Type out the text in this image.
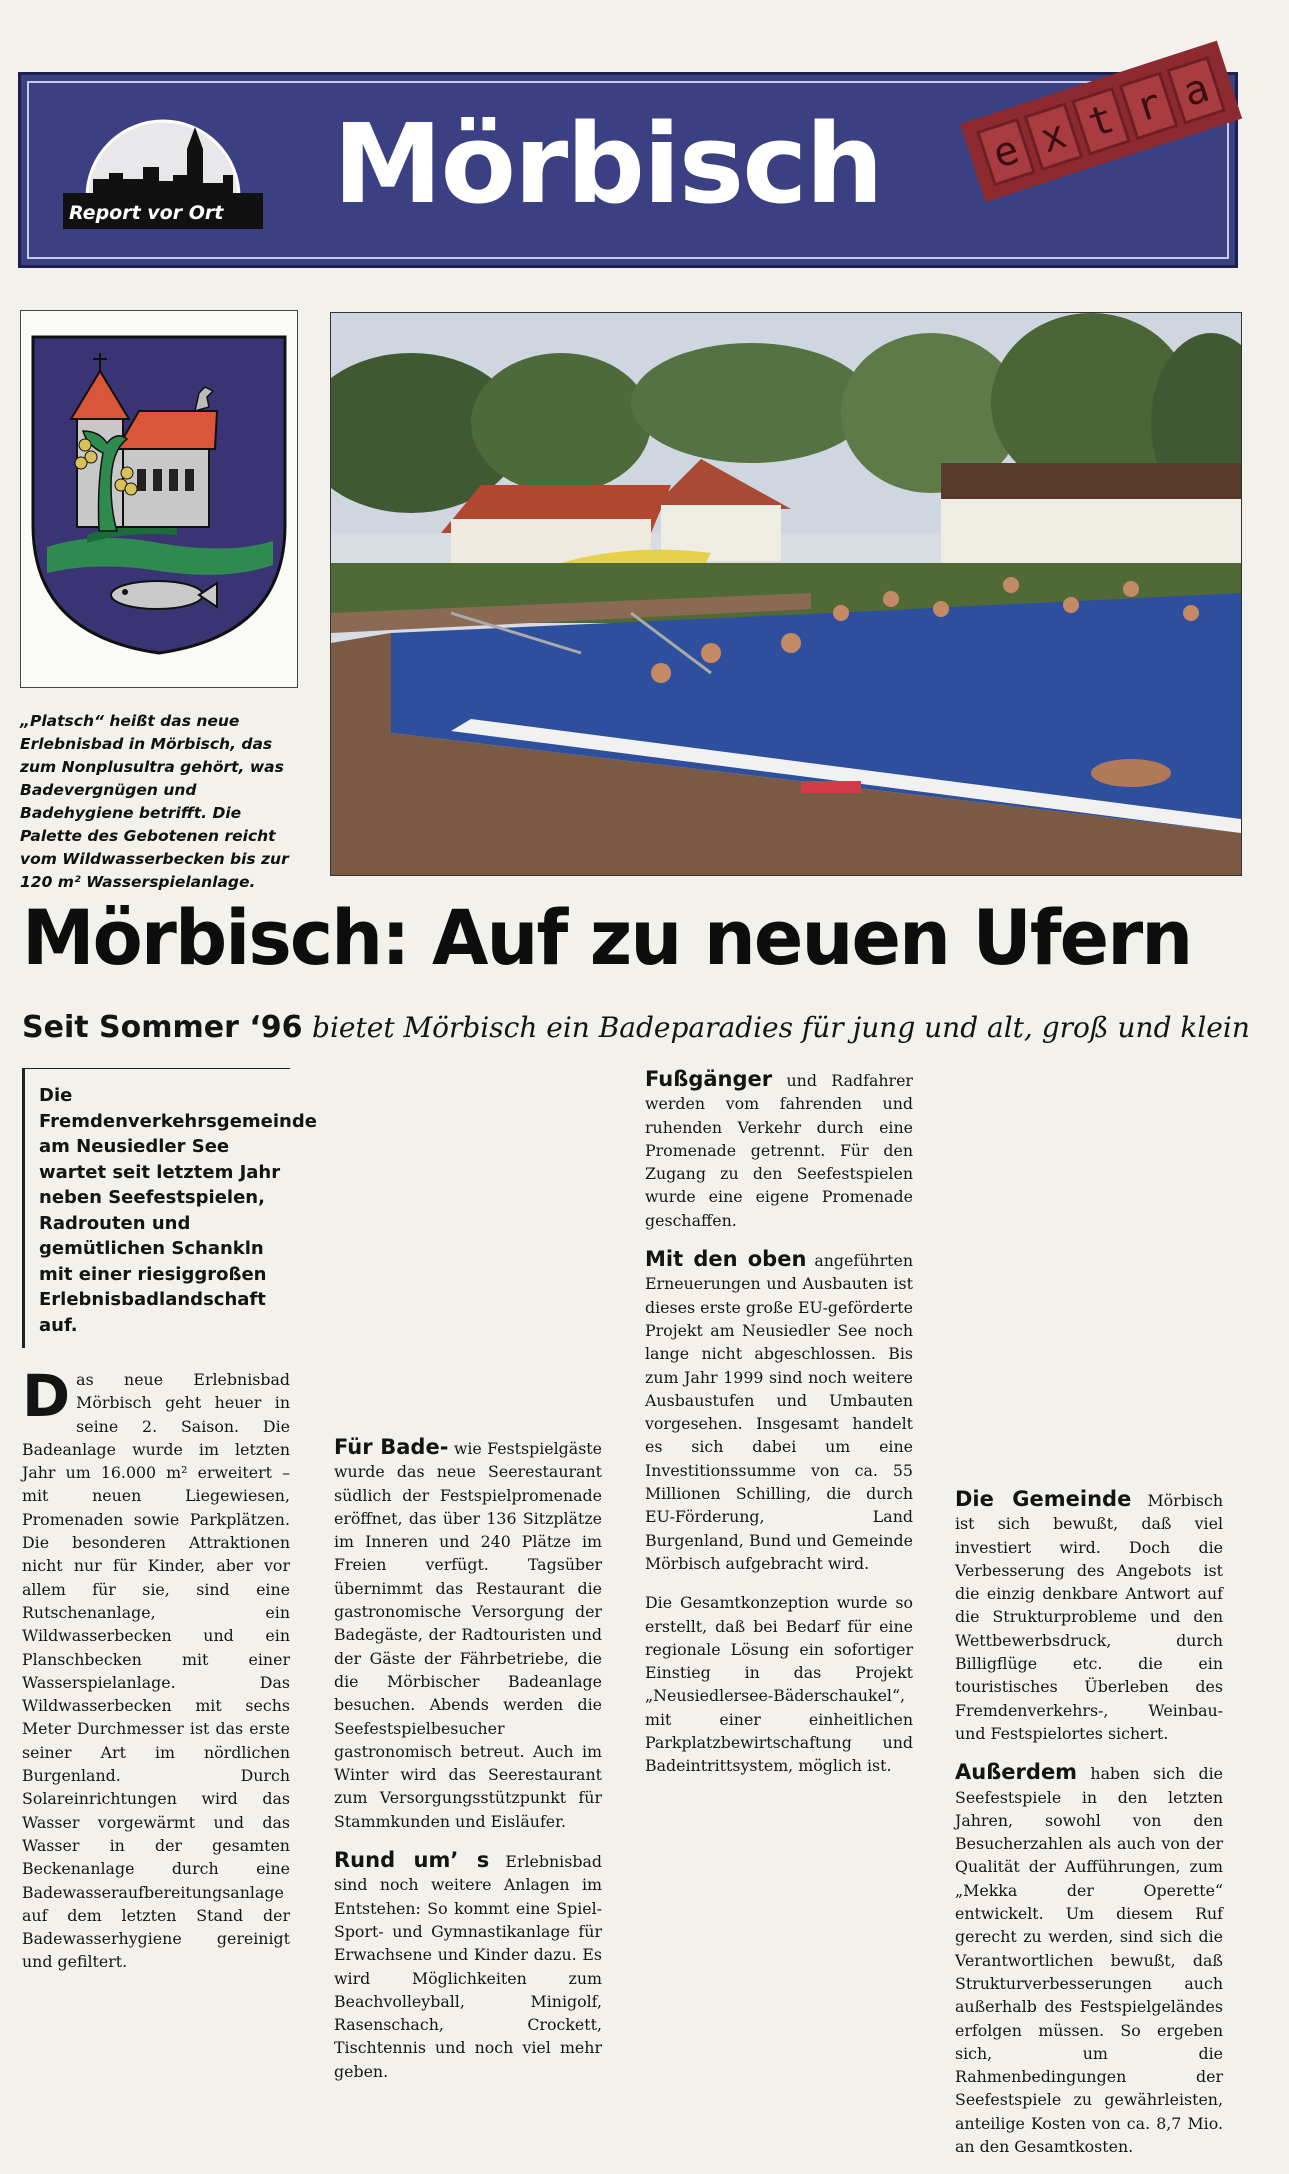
Report vor Ort Mörbisch	e x t r a
„Platsch“ heißt das neue Erlebnisbad in Mörbisch, das zum Nonplusultra gehört, was Badevergnügen und Badehygiene betrifft. Die Palette des Gebotenen reicht vom Wildwasserbecken bis zur 120 m² Wasserspielanlage.
Mörbisch: Auf zu neuen Ufern
Seit Sommer ‘96 bietet Mörbisch ein Badeparadies für jung und alt, groß und klein
Die Fremdenverkehrsgemeinde am Neusiedler See wartet seit letztem Jahr neben Seefestspielen, Radrouten und gemütlichen Schankln mit einer riesiggroßen Erlebnisbadlandschaft auf.
Das neue Erlebnisbad Mörbisch geht heuer in seine 2. Saison. Die Badeanlage wurde im letzten Jahr um 16.000 m² erweitert – mit neuen Liegewiesen, Promenaden sowie Parkplätzen. Die besonderen Attraktionen nicht nur für Kinder, aber vor allem für sie, sind eine Rutschenanlage, ein Wildwasserbecken und ein Planschbecken mit einer Wasserspielanlage. Das Wildwasserbecken mit sechs Meter Durchmesser ist das erste seiner Art im nördlichen Burgenland. Durch Solareinrichtungen wird das Wasser vorgewärmt und das Wasser in der gesamten Beckenanlage durch eine Badewasseraufbereitungsanlage auf dem letzten Stand der Badewasserhygiene gereinigt und gefiltert.
Für Bade- wie Festspielgäste wurde das neue Seerestaurant südlich der Festspielpromenade eröffnet, das über 136 Sitzplätze im Inneren und 240 Plätze im Freien verfügt. Tagsüber übernimmt das Restaurant die gastronomische Versorgung der Badegäste, der Radtouristen und der Gäste der Fährbetriebe, die die Mörbischer Badeanlage besuchen. Abends werden die Seefestspielbesucher gastronomisch betreut. Auch im Winter wird das Seerestaurant zum Versorgungsstützpunkt für Stammkunden und Eisläufer.
Rund um’ s Erlebnisbad sind noch weitere Anlagen im Entstehen: So kommt eine Spiel- Sport- und Gymnastikanlage für Erwachsene und Kinder dazu. Es wird Möglichkeiten zum Beachvolleyball, Minigolf, Rasenschach, Crockett, Tischtennis und noch viel mehr geben.
Fußgänger und Radfahrer werden vom fahrenden und ruhenden Verkehr durch eine Promenade getrennt. Für den Zugang zu den Seefestspielen wurde eine eigene Promenade geschaffen.
Mit den oben angeführten Erneuerungen und Ausbauten ist dieses erste große EU-geförderte Projekt am Neusiedler See noch lange nicht abgeschlossen. Bis zum Jahr 1999 sind noch weitere Ausbaustufen und Umbauten vorgesehen. Insgesamt handelt es sich dabei um eine Investitionssumme von ca. 55 Millionen Schilling, die durch EU-Förderung, Land Burgenland, Bund und Gemeinde Mörbisch aufgebracht wird.
Die Gesamtkonzeption wurde so erstellt, daß bei Bedarf für eine regionale Lösung ein sofortiger Einstieg in das Projekt „Neusiedlersee-Bäderschaukel“, mit einer einheitlichen Parkplatzbewirtschaftung und Badeintrittsystem, möglich ist.
Die Gemeinde Mörbisch ist sich bewußt, daß viel investiert wird. Doch die Verbesserung des Angebots ist die einzig denkbare Antwort auf die Strukturprobleme und den Wettbewerbsdruck, durch Billigflüge etc. die ein touristisches Überleben des Fremdenverkehrs-, Weinbau- und Festspielortes sichert.
Außerdem haben sich die Seefestspiele in den letzten Jahren, sowohl von den Besucherzahlen als auch von der Qualität der Aufführungen, zum „Mekka der Operette“ entwickelt. Um diesem Ruf gerecht zu werden, sind sich die Verantwortlichen bewußt, daß Strukturverbesserungen auch außerhalb des Festspielgeländes erfolgen müssen. So ergeben sich, um die Rahmenbedingungen der Seefestspiele zu gewährleisten, anteilige Kosten von ca. 8,7 Mio. an den Gesamtkosten.
